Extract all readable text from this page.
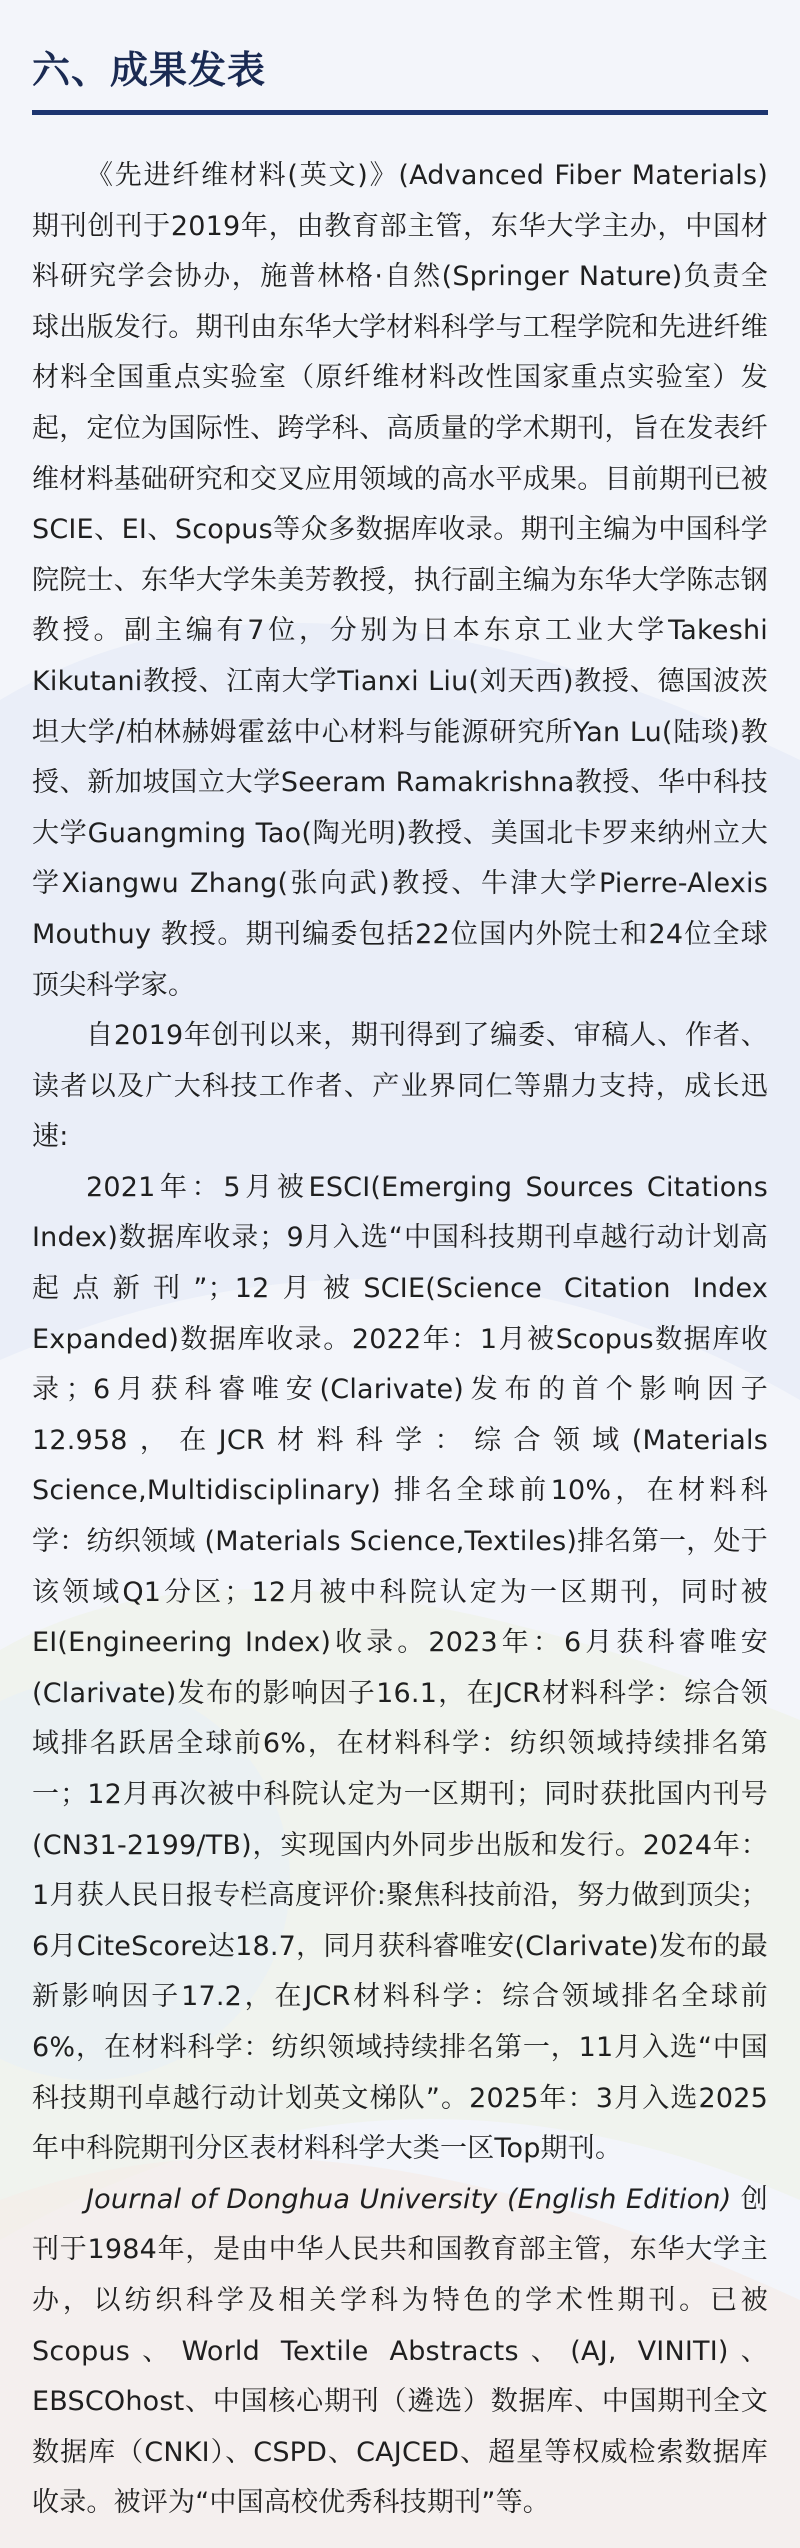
六、成果发表

《先进纤维材料(英文)》(Advanced Fiber Materials)期刊创刊于2019年，由教育部主管，东华大学主办，中国材料研究学会协办，施普林格·自然(Springer Nature)负责全球出版发行。期刊由东华大学材料科学与工程学院和先进纤维材料全国重点实验室（原纤维材料改性国家重点实验室）发起，定位为国际性、跨学科、高质量的学术期刊，旨在发表纤维材料基础研究和交叉应用领域的高水平成果。目前期刊已被SCIE、EI、Scopus等众多数据库收录。期刊主编为中国科学院院士、东华大学朱美芳教授，执行副主编为东华大学陈志钢教授。副主编有7位，分别为日本东京工业大学Takeshi Kikutani教授、江南大学Tianxi Liu(刘天西)教授、德国波茨坦大学/柏林赫姆霍兹中心材料与能源研究所Yan Lu(陆琰)教授、新加坡国立大学Seeram Ramakrishna教授、华中科技大学Guangming Tao(陶光明)教授、美国北卡罗来纳州立大学Xiangwu Zhang(张向武)教授、牛津大学Pierre-Alexis Mouthuy 教授。期刊编委包括22位国内外院士和24位全球顶尖科学家。

自2019年创刊以来，期刊得到了编委、审稿人、作者、读者以及广大科技工作者、产业界同仁等鼎力支持，成长迅速:

2021年：5月被ESCI(Emerging Sources Citations Index)数据库收录；9月入选“中国科技期刊卓越行动计划高起点新刊”；12月被SCIE(Science Citation Index Expanded)数据库收录。2022年：1月被Scopus数据库收录；6月获科睿唯安(Clarivate)发布的首个影响因子12.958，在JCR材料科学：综合领域(Materials Science,Multidisciplinary) 排名全球前10%，在材料科学：纺织领域 (Materials Science,Textiles)排名第一，处于该领域Q1分区；12月被中科院认定为一区期刊，同时被EI(Engineering Index)收录。2023年：6月获科睿唯安(Clarivate)发布的影响因子16.1，在JCR材料科学：综合领域排名跃居全球前6%，在材料科学：纺织领域持续排名第一；12月再次被中科院认定为一区期刊；同时获批国内刊号(CN31-2199/TB)，实现国内外同步出版和发行。2024年：1月获人民日报专栏高度评价:聚焦科技前沿，努力做到顶尖；6月CiteScore达18.7，同月获科睿唯安(Clarivate)发布的最新影响因子17.2，在JCR材料科学：综合领域排名全球前6%，在材料科学：纺织领域持续排名第一，11月入选“中国科技期刊卓越行动计划英文梯队”。2025年：3月入选2025年中科院期刊分区表材料科学大类一区Top期刊。

Journal of Donghua University (English Edition) 创刊于1984年，是由中华人民共和国教育部主管，东华大学主办，以纺织科学及相关学科为特色的学术性期刊。已被Scopus、World Textile Abstracts、(AJ, VINITI)、EBSCOhost、中国核心期刊（遴选）数据库、中国期刊全文数据库（CNKI）、CSPD、CAJCED、超星等权威检索数据库收录。被评为“中国高校优秀科技期刊”等。
